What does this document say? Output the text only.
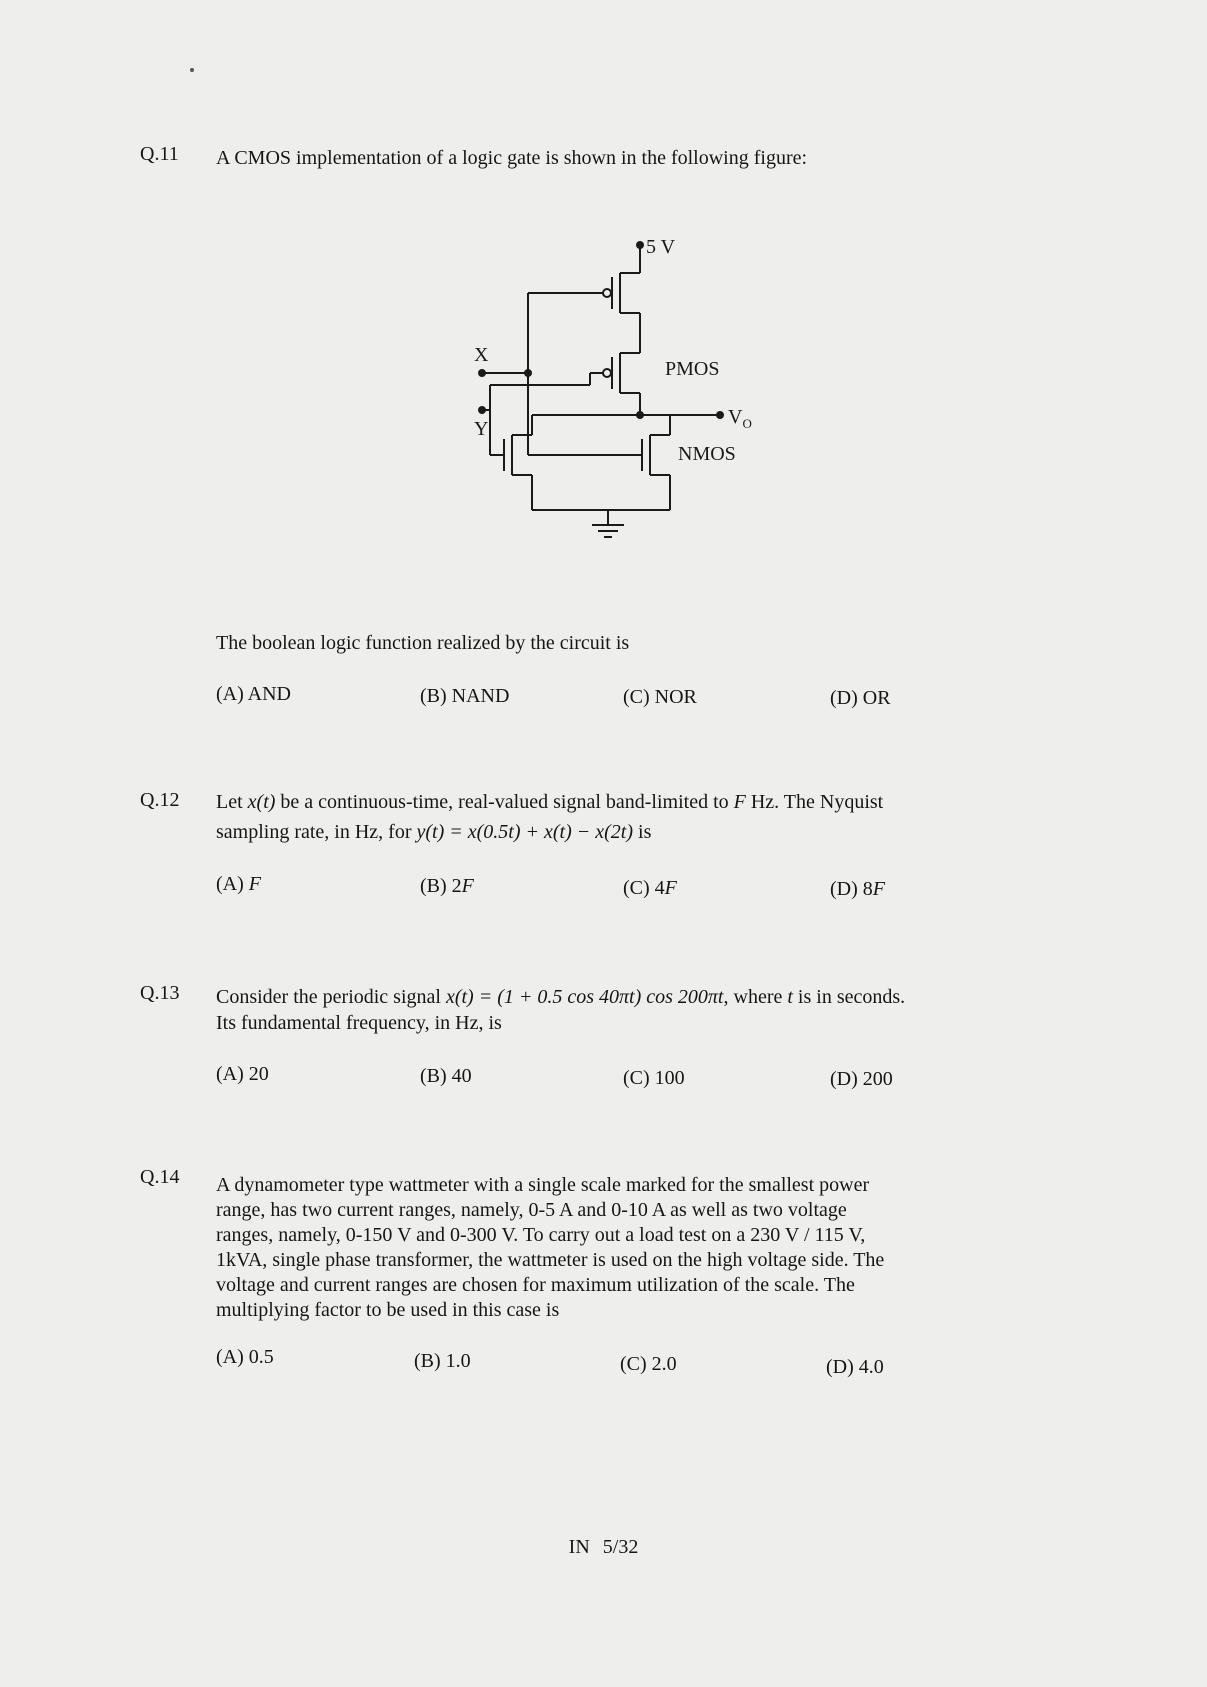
Q.11 A CMOS implementation of a logic gate is shown in the following figure:
5 V
PMOS
$V_O$
NMOS
X
Y
The boolean logic function realized by the circuit is
(A) AND	(B) NAND	(C) NOR	(D) OR
Q.12 Let x(t) be a continuous-time, real-valued signal band-limited to F Hz. The Nyquist
sampling rate, in Hz, for y(t) = x(0.5t) + x(t) − x(2t) is
(A) F	(B) 2F	(C) 4F	(D) 8F
Q.13 Consider the periodic signal x(t) = (1 + 0.5 cos 40πt) cos 200πt, where t is in seconds.
Its fundamental frequency, in Hz, is
(A) 20	(B) 40	(C) 100	(D) 200
Q.14 A dynamometer type wattmeter with a single scale marked for the smallest power
range, has two current ranges, namely, 0-5 A and 0-10 A as well as two voltage
ranges, namely, 0-150 V and 0-300 V. To carry out a load test on a 230 V / 115 V,
1kVA, single phase transformer, the wattmeter is used on the high voltage side. The
voltage and current ranges are chosen for maximum utilization of the scale. The
multiplying factor to be used in this case is
(A) 0.5	(B) 1.0	(C) 2.0	(D) 4.0
IN 5/32
